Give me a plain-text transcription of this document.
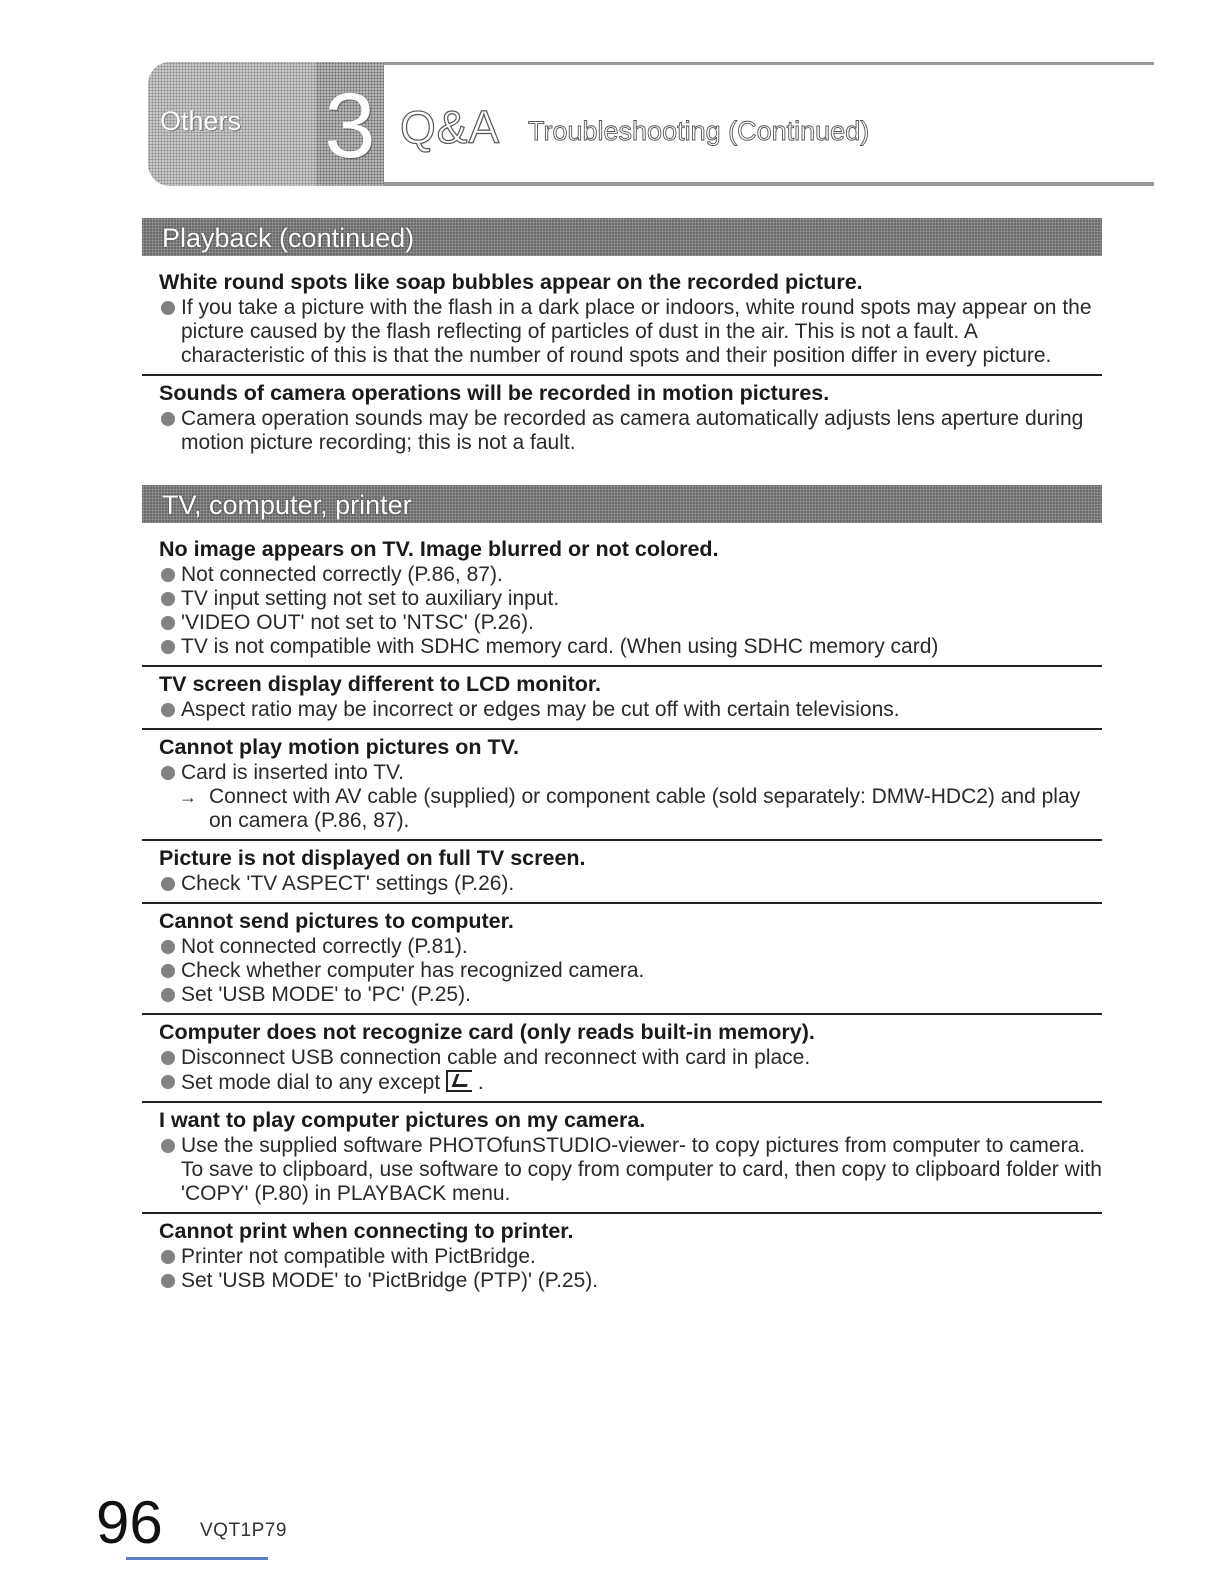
Others 3 Q&A Troubleshooting (Continued)
Playback (continued)
White round spots like soap bubbles appear on the recorded picture.
If you take a picture with the flash in a dark place or indoors, white round spots may appear on the picture caused by the flash reflecting of particles of dust in the air. This is not a fault. A characteristic of this is that the number of round spots and their position differ in every picture.
Sounds of camera operations will be recorded in motion pictures.
Camera operation sounds may be recorded as camera automatically adjusts lens aperture during motion picture recording; this is not a fault.
TV, computer, printer
No image appears on TV. Image blurred or not colored.
Not connected correctly (P.86, 87).
TV input setting not set to auxiliary input.
'VIDEO OUT' not set to 'NTSC' (P.26).
TV is not compatible with SDHC memory card. (When using SDHC memory card)
TV screen display different to LCD monitor.
Aspect ratio may be incorrect or edges may be cut off with certain televisions.
Cannot play motion pictures on TV.
Card is inserted into TV.
→ Connect with AV cable (supplied) or component cable (sold separately: DMW-HDC2) and play on camera (P.86, 87).
Picture is not displayed on full TV screen.
Check 'TV ASPECT' settings (P.26).
Cannot send pictures to computer.
Not connected correctly (P.81).
Check whether computer has recognized camera.
Set 'USB MODE' to 'PC' (P.25).
Computer does not recognize card (only reads built-in memory).
Disconnect USB connection cable and reconnect with card in place.
Set mode dial to any except  .
I want to play computer pictures on my camera.
Use the supplied software PHOTOfunSTUDIO-viewer- to copy pictures from computer to camera. To save to clipboard, use software to copy from computer to card, then copy to clipboard folder with 'COPY' (P.80) in PLAYBACK menu.
Cannot print when connecting to printer.
Printer not compatible with PictBridge.
Set 'USB MODE' to 'PictBridge (PTP)' (P.25).
96 VQT1P79
